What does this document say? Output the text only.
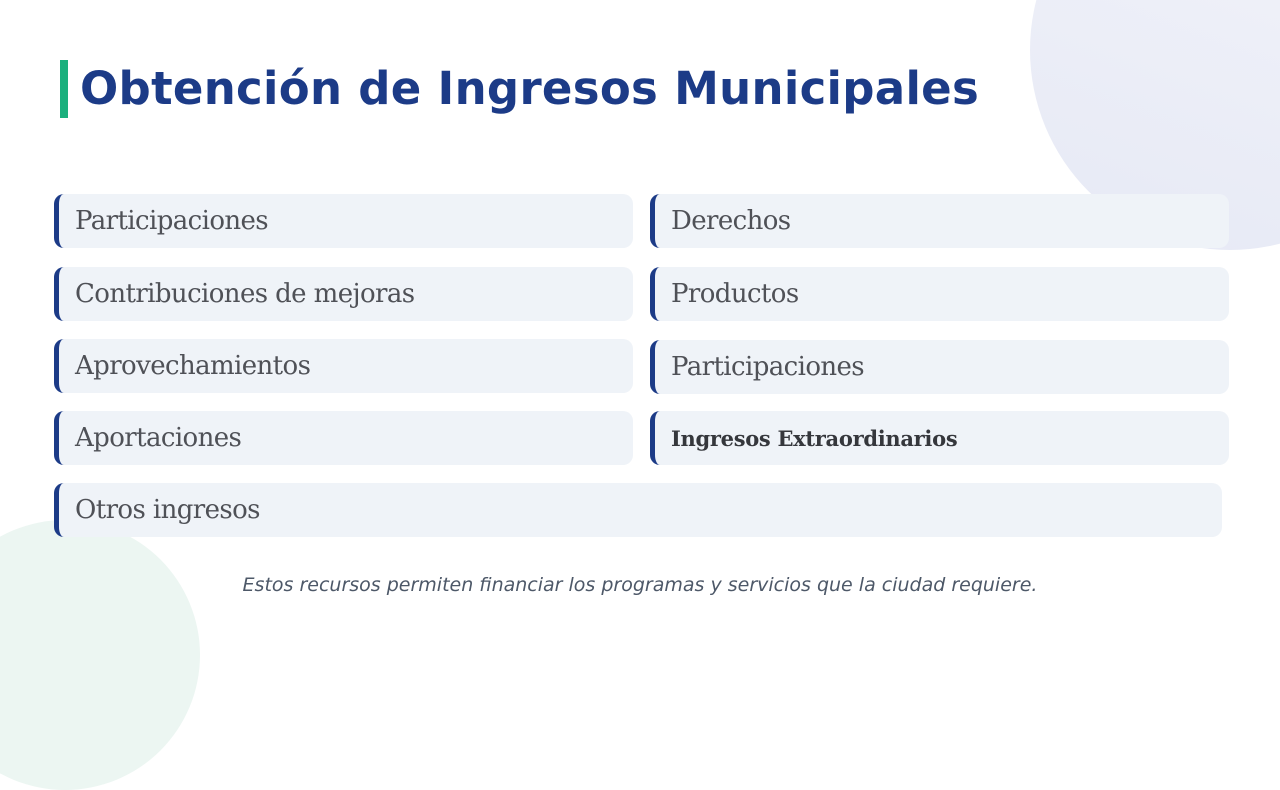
Obtención de Ingresos Municipales
Participaciones	Derechos
Contribuciones de mejoras	Productos
Aprovechamientos	Participaciones
Aportaciones	Ingresos Extraordinarios
Otros ingresos

Estos recursos permiten financiar los programas y servicios que la ciudad requiere.
